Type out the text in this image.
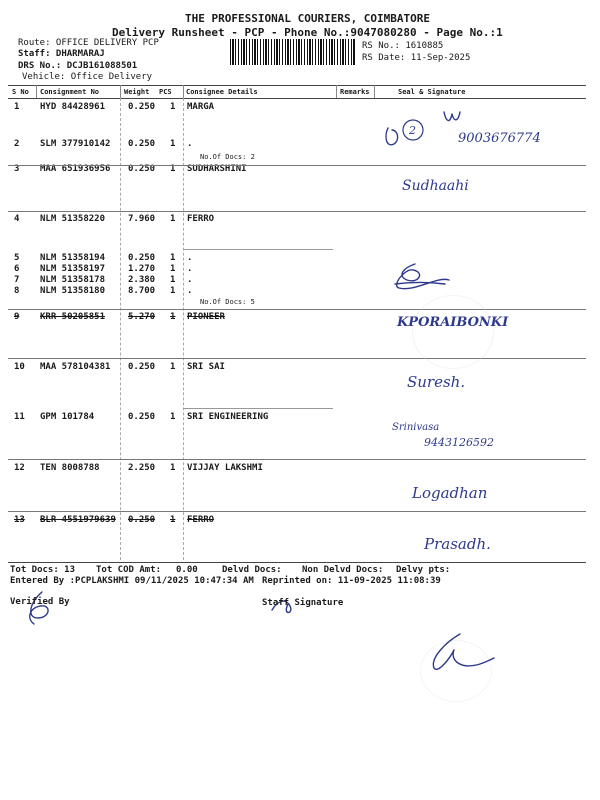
THE PROFESSIONAL COURIERS, COIMBATORE
Delivery Runsheet - PCP - Phone No.:9047080280 - Page No.:1
Route: OFFICE DELIVERY PCP
Staff: DHARMARAJ
DRS No.: DCJB161088501
Vehicle: Office Delivery
RS No.: 1610885
RS Date: 11-Sep-2025
S No Consignment No	Weight PCS Consignee Details	Remarks	Seal & Signature
1 HYD 84428961	0.250 1 MARGA
2 SLM 377910142 0.250 1 .
3 MAA 651936956 0.250 1 SUDHARSHINI
4 NLM 51358220	7.960 1 FERRO
5 NLM 51358194	0.250 1 .
6 NLM 51358197	1.270 1 .
7 NLM 51358178	2.380 1 .
8 NLM 51358180	8.700 1 .
9 KRR 50205851	5.270 1 PIONEER
10 MAA 578104381 0.250 1 SRI SAI
11 GPM 101784	0.250 1 SRI ENGINEERING
12 TEN 8008788	2.250 1 VIJJAY LAKSHMI
13 BLR 4551979639 0.250 1 FERRO
No.Of Docs: 2
No.Of Docs: 5
2
9003676774
Sudhaahi
KPORAIBONKI
Suresh.
Srinivasa
9443126592
Logadhan
Prasadh.
Tot Docs: 13 Tot COD Amt: 0.00	Delvd Docs: Non Delvd Docs: Delvy pts:
Entered By :PCPLAKSHMI 09/11/2025 10:47:34 AM Reprinted on: 11-09-2025 11:08:39
Verified By	Staff Signature
